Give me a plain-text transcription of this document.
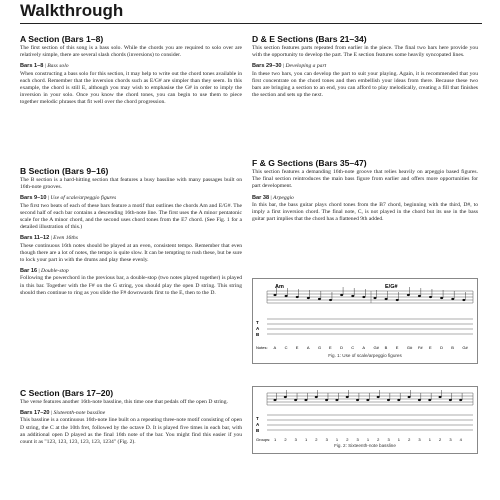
Walkthrough
A Section (Bars 1–8)
The first section of this song is a bass solo. While the chords you are required to solo over are relatively simple, there are several slash chords (inversions) to consider.
Bars 1–8 | Bass solo
When constructing a bass solo for this section, it may help to write out the chord tones available in each chord. Remember that the inversion chords such as E/G# are simpler than they seem. In this example, the chord is still E, although you may wish to emphasise the G# in order to imply the inversion in your solo. Once you know the chord tones, you can begin to use them to piece together melodic phrases that fit well over the chord progression.
B Section (Bars 9–16)
The B section is a hard-hitting section that features a busy bassline with many passages built on 16th-note grooves.
Bars 9–10 | Use of scale/arpeggio figures
The first two beats of each of these bars feature a motif that outlines the chords Am and E/G#. The second half of each bar contains a descending 16th-note line. The first uses the A minor pentatonic scale for the A minor chord, and the second uses chord tones from the E7 chord. (See Fig. 1 for a detailed illustration of this.)
Bars 11–12 | Even 16ths
These continuous 16th notes should be played at an even, consistent tempo. Remember that even though there are a lot of notes, the tempo is quite slow. It can be tempting to rush these, but be sure to lock your part in with the drums and play these evenly.
Bar 16 | Double-stop
Following the powerchord in the previous bar, a double-stop (two notes played together) is played in this bar. Together with the F# on the G string, you should play the open D string. This string should then continue to ring as you slide the F# downwards first to the E, then to the D.
C Section (Bars 17–20)
The verse features another 16th-note bassline, this time one that pedals off the open D string.
Bars 17–20 | Sixteenth-note bassline
This bassline is a continuous 16th-note line built on a repeating three-note motif consisting of open D string, the C at the 10th fret, followed by the octave D. It is played five times in each bar, with an additional open D played as the final 16th note of the bar. You might find this easier if you count it as "123, 123, 123, 123, 123, 1234" (Fig. 2).
D & E Sections (Bars 21–34)
This section features parts repeated from earlier in the piece. The final two bars here provide you with the opportunity to develop the part. The E section features some heavily syncopated lines.
Bars 29–30 | Developing a part
In these two bars, you can develop the part to suit your playing. Again, it is recommended that you first concentrate on the chord tones and then embellish your ideas from there. Because these two bars are bringing a section to an end, you can afford to play melodically, creating a fill that finishes the section and sets up the next.
F & G Sections (Bars 35–47)
This section features a demanding 16th-note groove that relies heavily on arpeggio based figures. The final section reintroduces the main bass figure from earlier and offers more opportunities for part development.
Bar 38 | Arpeggio
In this bar, the bass guitar plays chord tones from the B7 chord, beginning with the third, D#, to imply a first inversion chord. The final note, C, is not played in the chord but its use in the bass guitar part implies that the chord has a flattened 9th added.
Am	E/G#
T
A
B
Notes: A C E A G E D C A G# B E G# F# E D B G#
Fig. 1: Use of scale/arpeggio figures
T
A
B
Groups: 1 2 3 1 2 3 1 2 3 1 2 3 1 2 3 1 2 3 4
Fig. 2: Sixteenth-note bassline
